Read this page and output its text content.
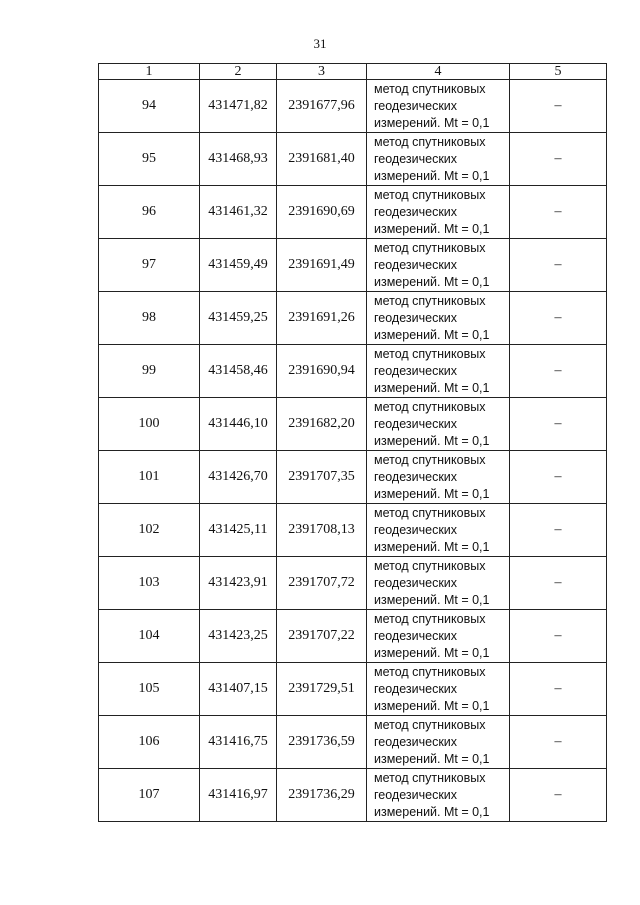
31
1	2	3	4	5
94	431471,82	2391677,96	метод спутниковых
геодезических
измерений. Mt = 0,1	–
95	431468,93	2391681,40	метод спутниковых
геодезических
измерений. Mt = 0,1	–
96	431461,32	2391690,69	метод спутниковых
геодезических
измерений. Mt = 0,1	–
97	431459,49	2391691,49	метод спутниковых
геодезических
измерений. Mt = 0,1	–
98	431459,25	2391691,26	метод спутниковых
геодезических
измерений. Mt = 0,1	–
99	431458,46	2391690,94	метод спутниковых
геодезических
измерений. Mt = 0,1	–
100	431446,10	2391682,20	метод спутниковых
геодезических
измерений. Mt = 0,1	–
101	431426,70	2391707,35	метод спутниковых
геодезических
измерений. Mt = 0,1	–
102	431425,11	2391708,13	метод спутниковых
геодезических
измерений. Mt = 0,1	–
103	431423,91	2391707,72	метод спутниковых
геодезических
измерений. Mt = 0,1	–
104	431423,25	2391707,22	метод спутниковых
геодезических
измерений. Mt = 0,1	–
105	431407,15	2391729,51	метод спутниковых
геодезических
измерений. Mt = 0,1	–
106	431416,75	2391736,59	метод спутниковых
геодезических
измерений. Mt = 0,1	–
107	431416,97	2391736,29	метод спутниковых
геодезических
измерений. Mt = 0,1	–
